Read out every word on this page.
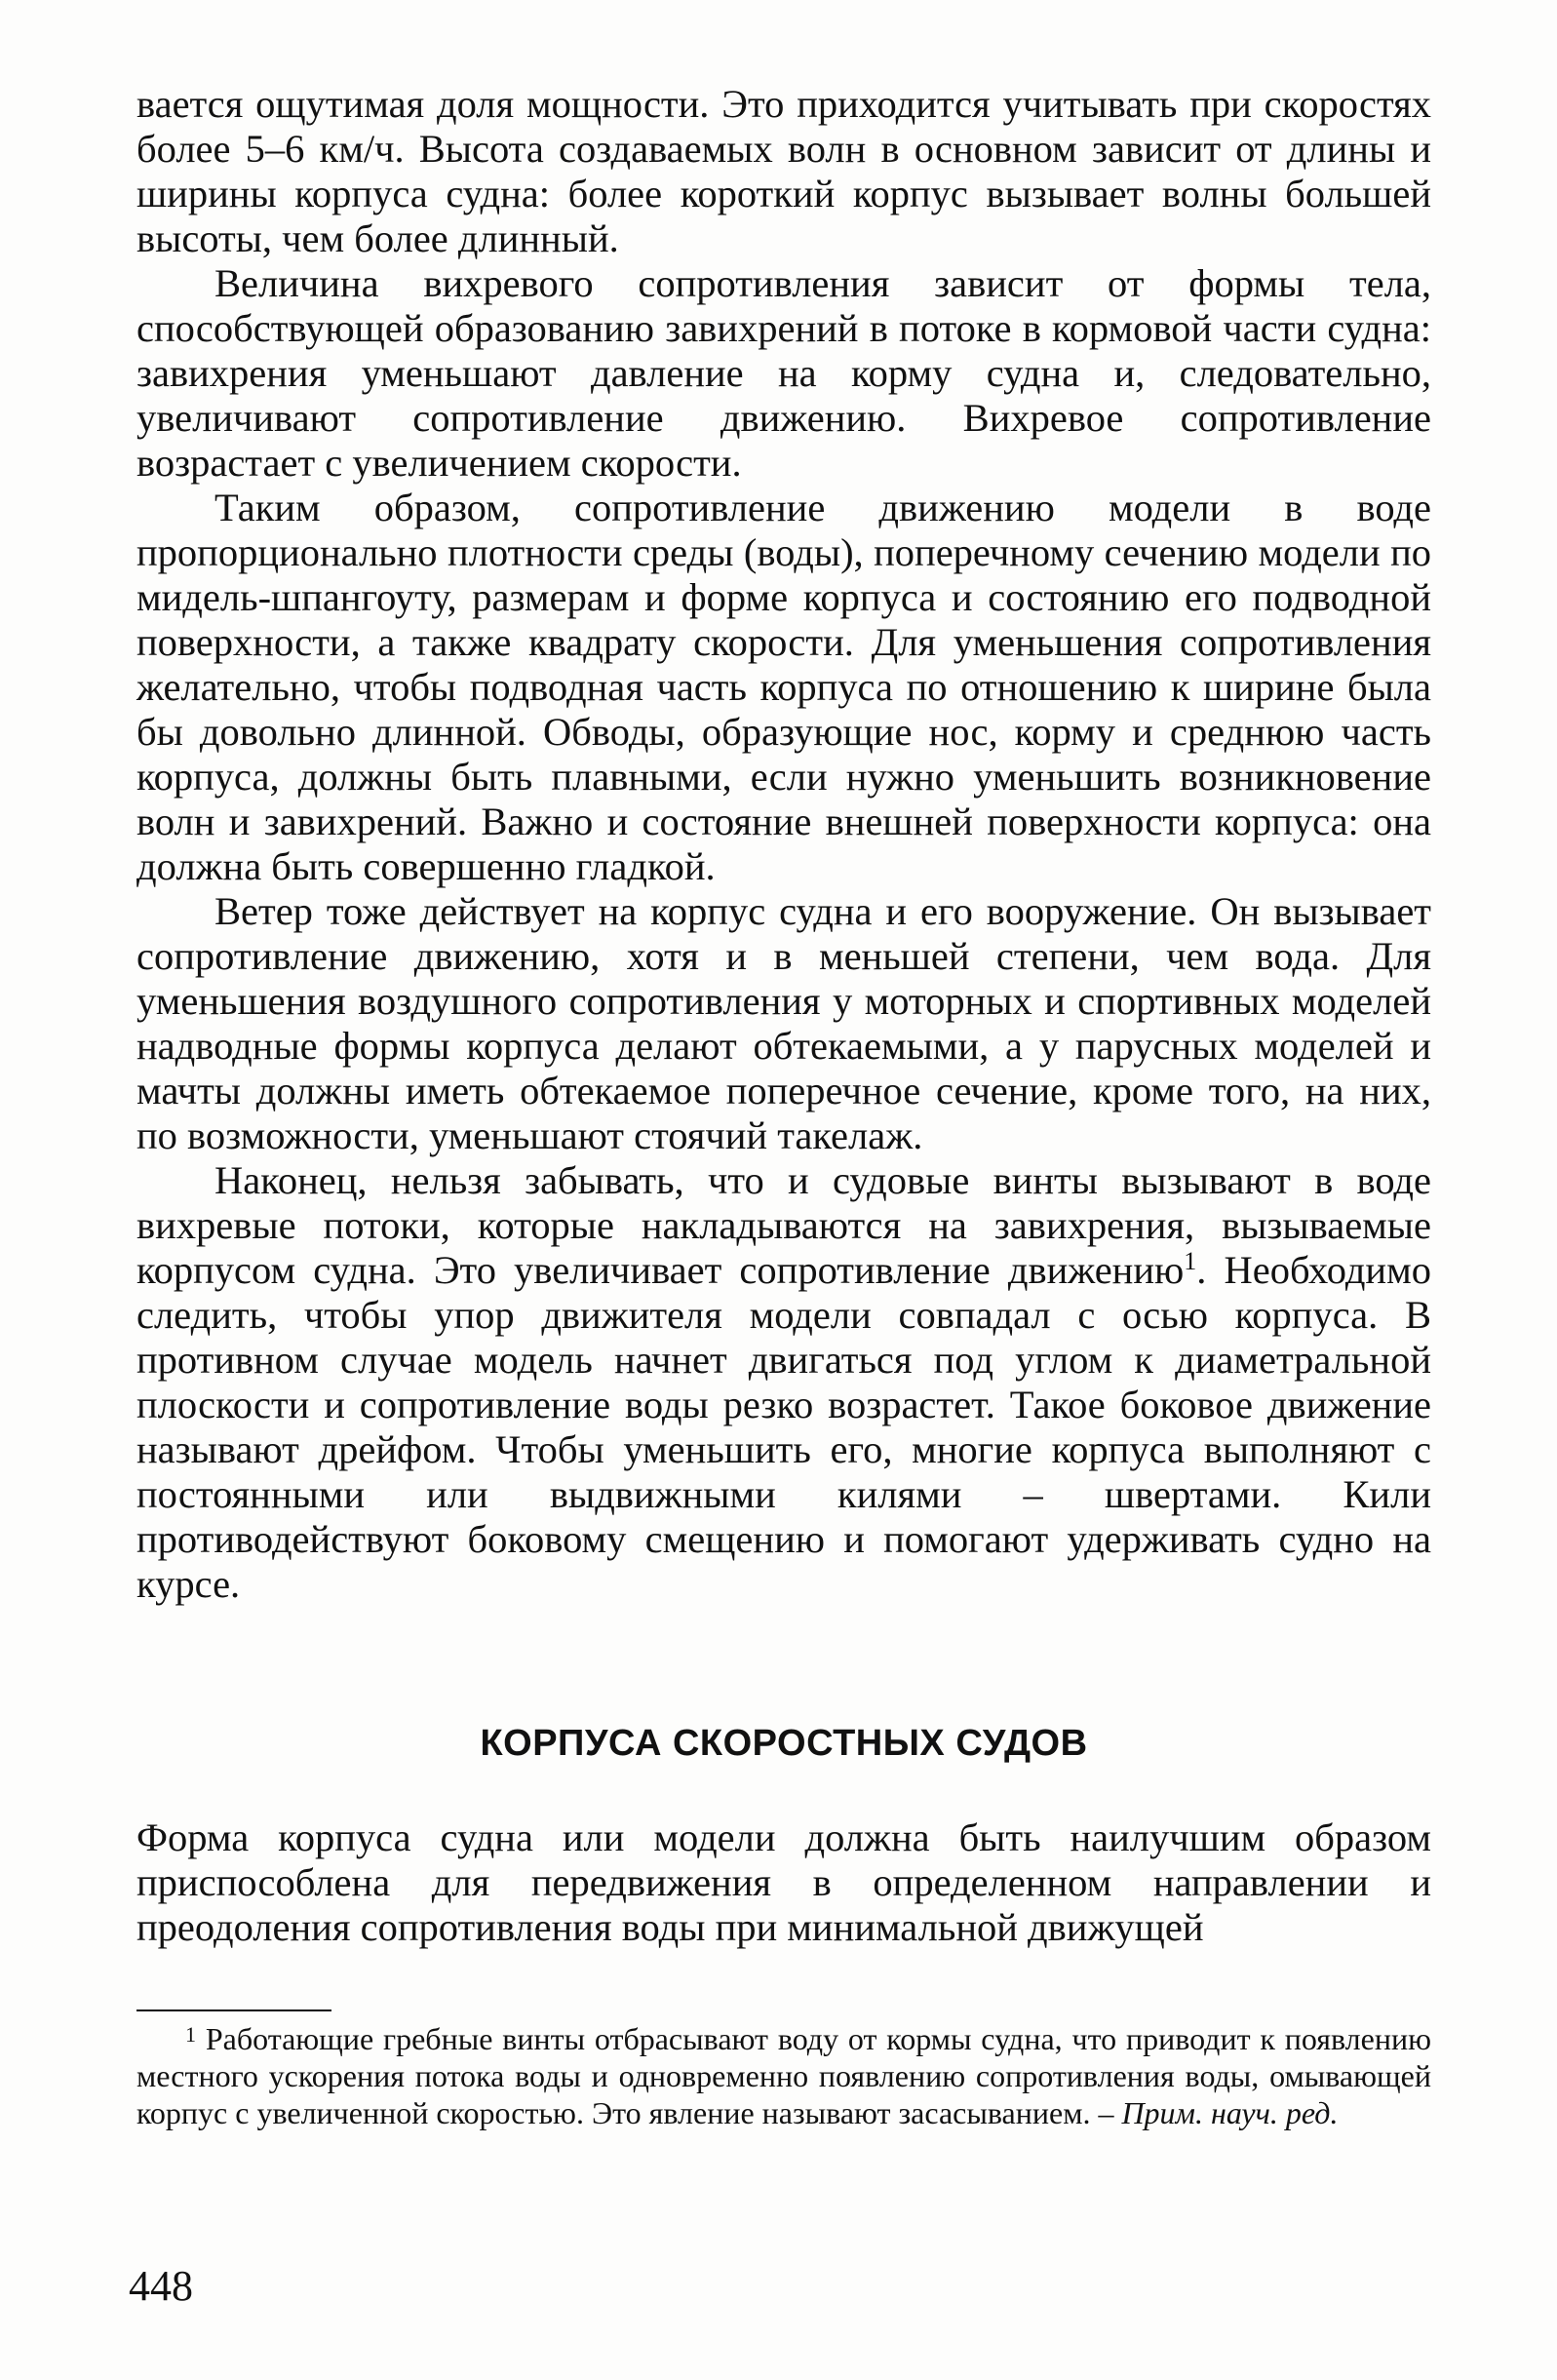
вается ощутимая доля мощности. Это приходится учитывать при скоростях более 5–6 км/ч. Высота создаваемых волн в основном зависит от длины и ширины корпуса судна: более короткий корпус вызывает волны большей высоты, чем более длинный.

Величина вихревого сопротивления зависит от формы тела, способствующей образованию завихрений в потоке в кормовой части судна: завихрения уменьшают давление на корму судна и, следовательно, увеличивают сопротивление движению. Вихревое сопротивление возрастает с увеличением скорости.

Таким образом, сопротивление движению модели в воде пропорционально плотности среды (воды), поперечному сечению модели по мидель-шпангоуту, размерам и форме корпуса и состоянию его подводной поверхности, а также квадрату скорости. Для уменьшения сопротивления желательно, чтобы подводная часть корпуса по отношению к ширине была бы довольно длинной. Обводы, образующие нос, корму и среднюю часть корпуса, должны быть плавными, если нужно уменьшить возникновение волн и завихрений. Важно и состояние внешней поверхности корпуса: она должна быть совершенно гладкой.

Ветер тоже действует на корпус судна и его вооружение. Он вызывает сопротивление движению, хотя и в меньшей степени, чем вода. Для уменьшения воздушного сопротивления у моторных и спортивных моделей надводные формы корпуса делают обтекаемыми, а у парусных моделей и мачты должны иметь обтекаемое поперечное сечение, кроме того, на них, по возможности, уменьшают стоячий такелаж.

Наконец, нельзя забывать, что и судовые винты вызывают в воде вихревые потоки, которые накладываются на завихрения, вызываемые корпусом судна. Это увеличивает сопротивление движению$^1$. Необходимо следить, чтобы упор движителя модели совпадал с осью корпуса. В противном случае модель начнет двигаться под углом к диаметральной плоскости и сопротивление воды резко возрастет. Такое боковое движение называют дрейфом. Чтобы уменьшить его, многие корпуса выполняют с постоянными или выдвижными килями – швертами. Кили противодействуют боковому смещению и помогают удерживать судно на курсе.

КОРПУСА СКОРОСТНЫХ СУДОВ

Форма корпуса судна или модели должна быть наилучшим образом приспособлена для передвижения в определенном направлении и преодоления сопротивления воды при минимальной движущей

$^1$ Работающие гребные винты отбрасывают воду от кормы судна, что приводит к появлению местного ускорения потока воды и одновременно появлению сопротивления воды, омывающей корпус с увеличенной скоростью. Это явление называют засасыванием. – Прим. науч. ред.

448
